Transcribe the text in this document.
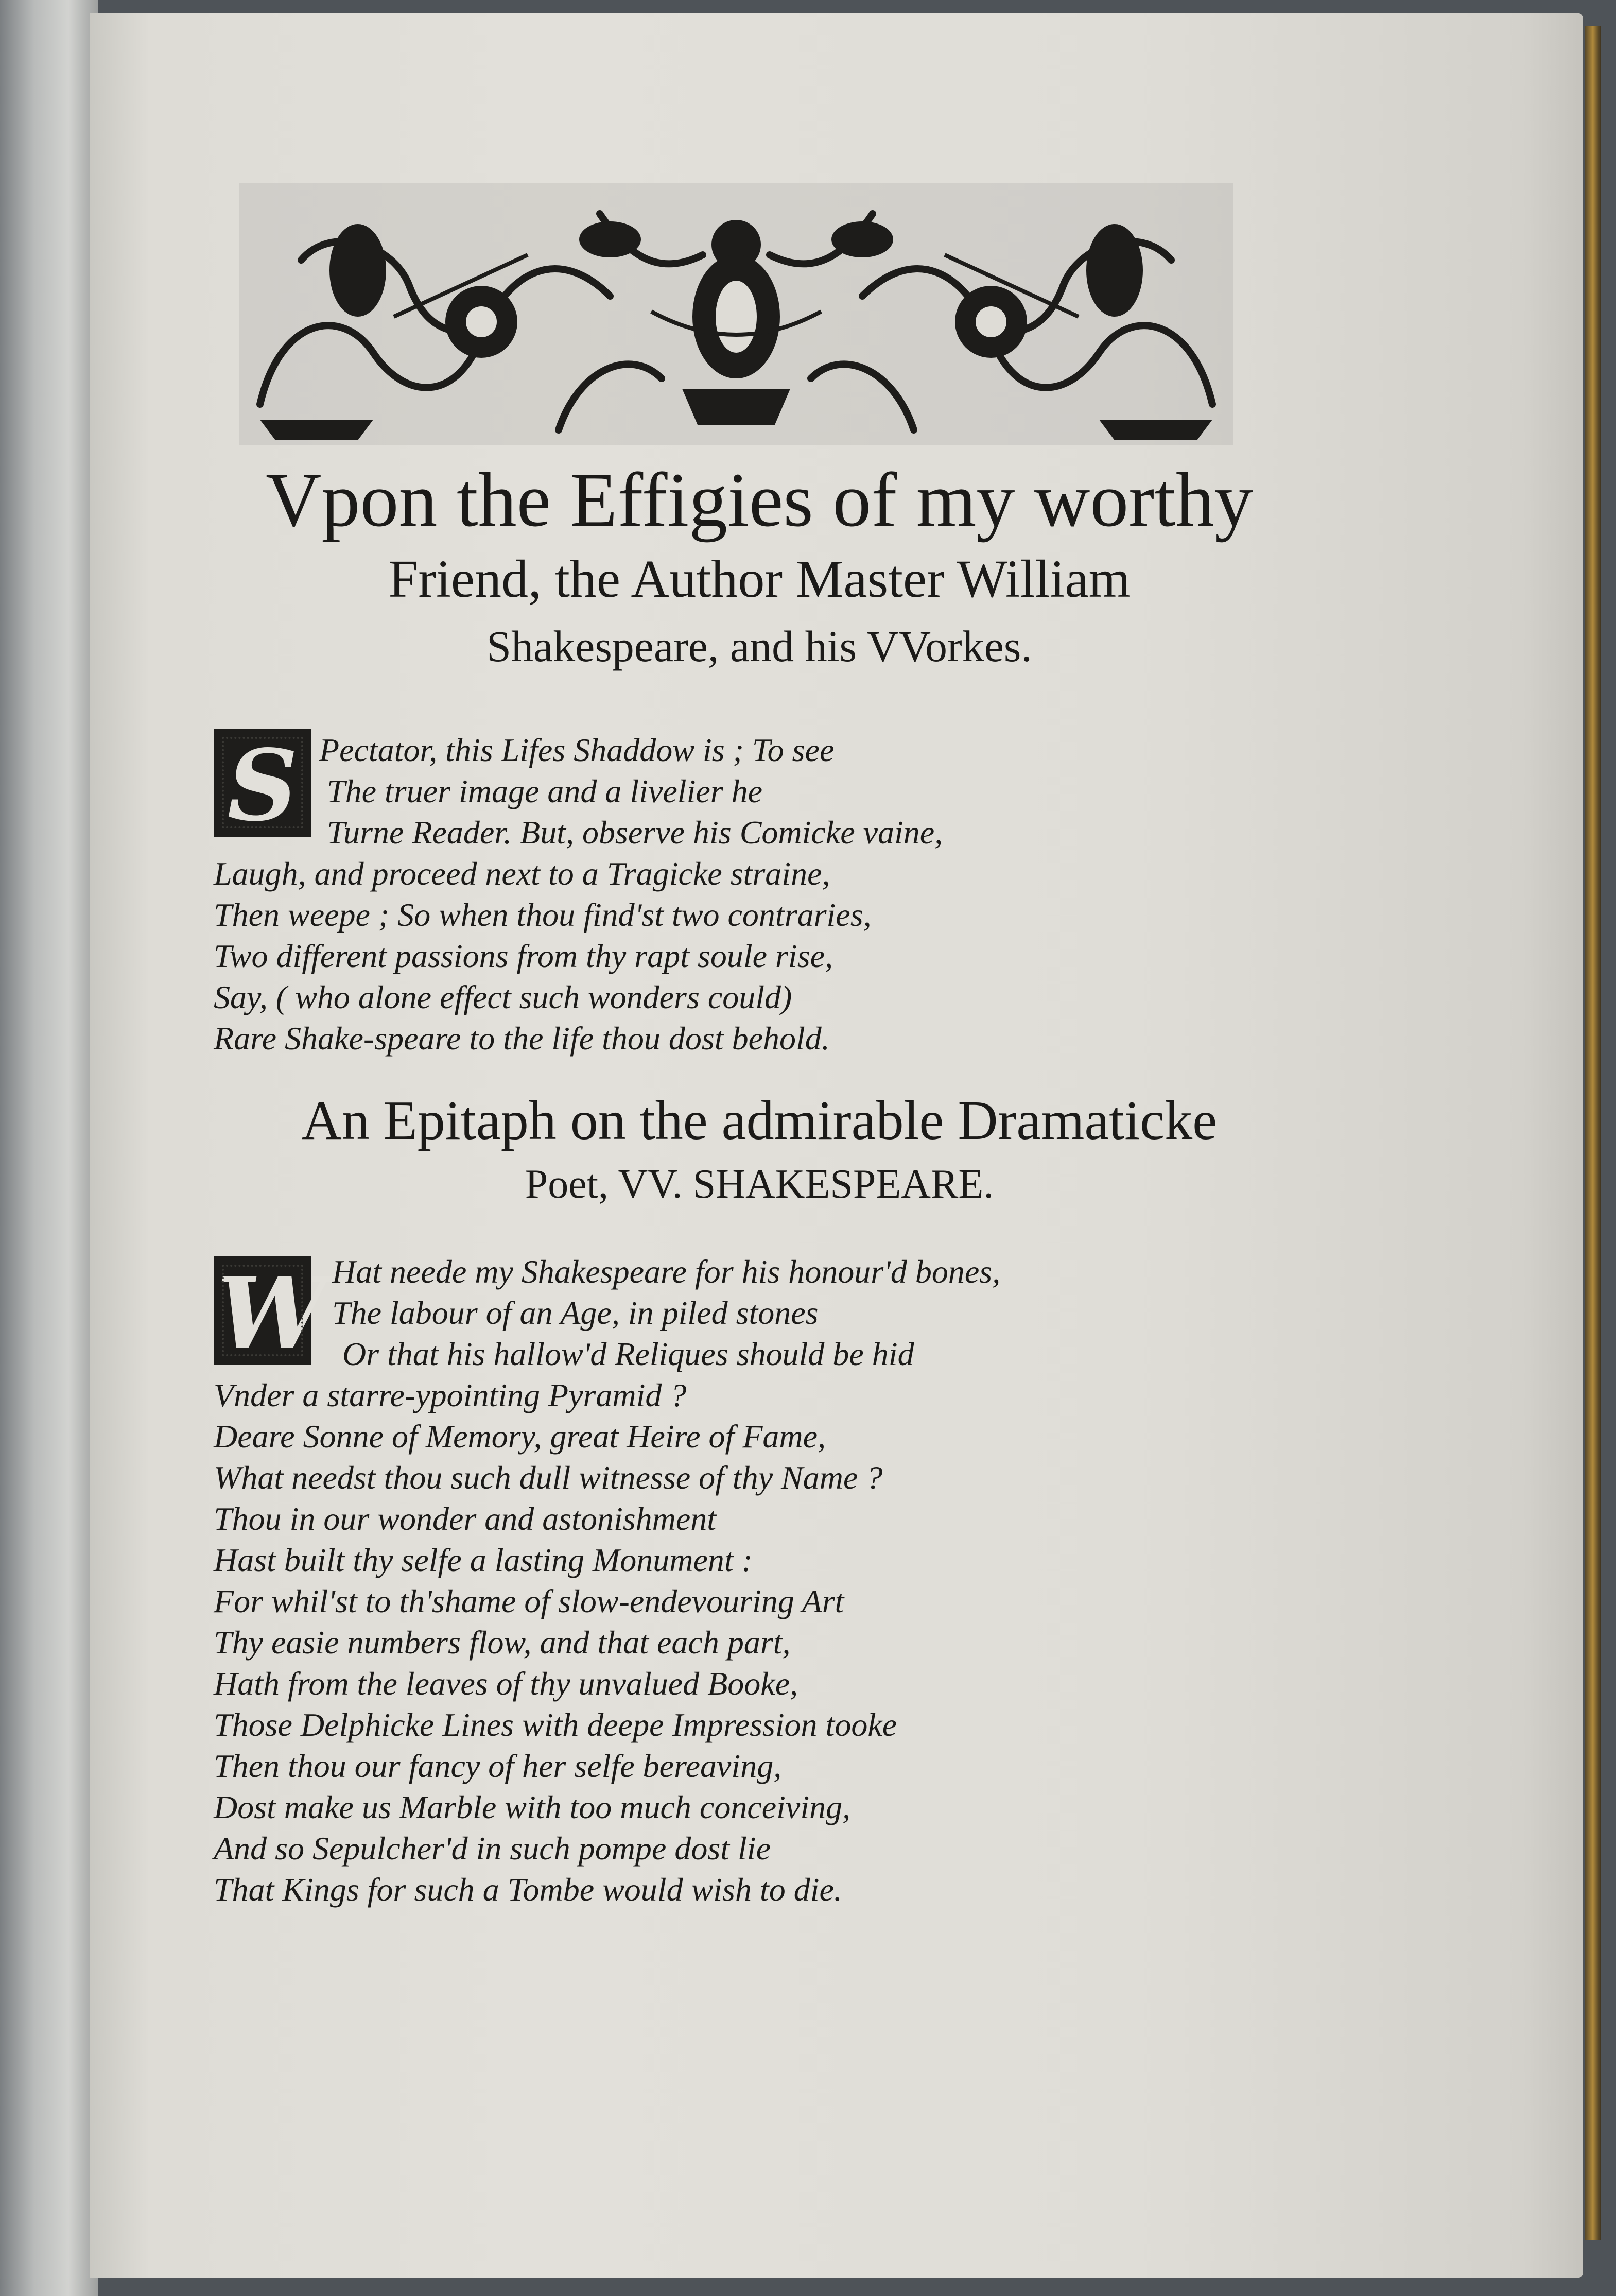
Vpon the Effigies of my worthy
Friend, the Author Master William
Shakespeare, and his VVorkes.
S Pectator, this Lifes Shaddow is ; To see

The truer image and a livelier he

Turne Reader. But, observe his Comicke vaine,

Laugh, and proceed next to a Tragicke straine,

Then weepe ; So when thou find'st two contraries,

Two different passions from thy rapt soule rise,

Say, ( who alone effect such wonders could)

Rare Shake-speare to the life thou dost behold.

An Epitaph on the admirable Dramaticke
Poet, VV. SHAKESPEARE.
W Hat neede my Shakespeare for his honour'd bones,

The labour of an Age, in piled stones

Or that his hallow'd Reliques should be hid

Vnder a starre-ypointing Pyramid ?

Deare Sonne of Memory, great Heire of Fame,

What needst thou such dull witnesse of thy Name ?

Thou in our wonder and astonishment

Hast built thy selfe a lasting Monument :

For whil'st to th'shame of slow-endevouring Art

Thy easie numbers flow, and that each part,

Hath from the leaves of thy unvalued Booke,

Those Delphicke Lines with deepe Impression tooke

Then thou our fancy of her selfe bereaving,

Dost make us Marble with too much conceiving,

And so Sepulcher'd in such pompe dost lie

That Kings for such a Tombe would wish to die.
